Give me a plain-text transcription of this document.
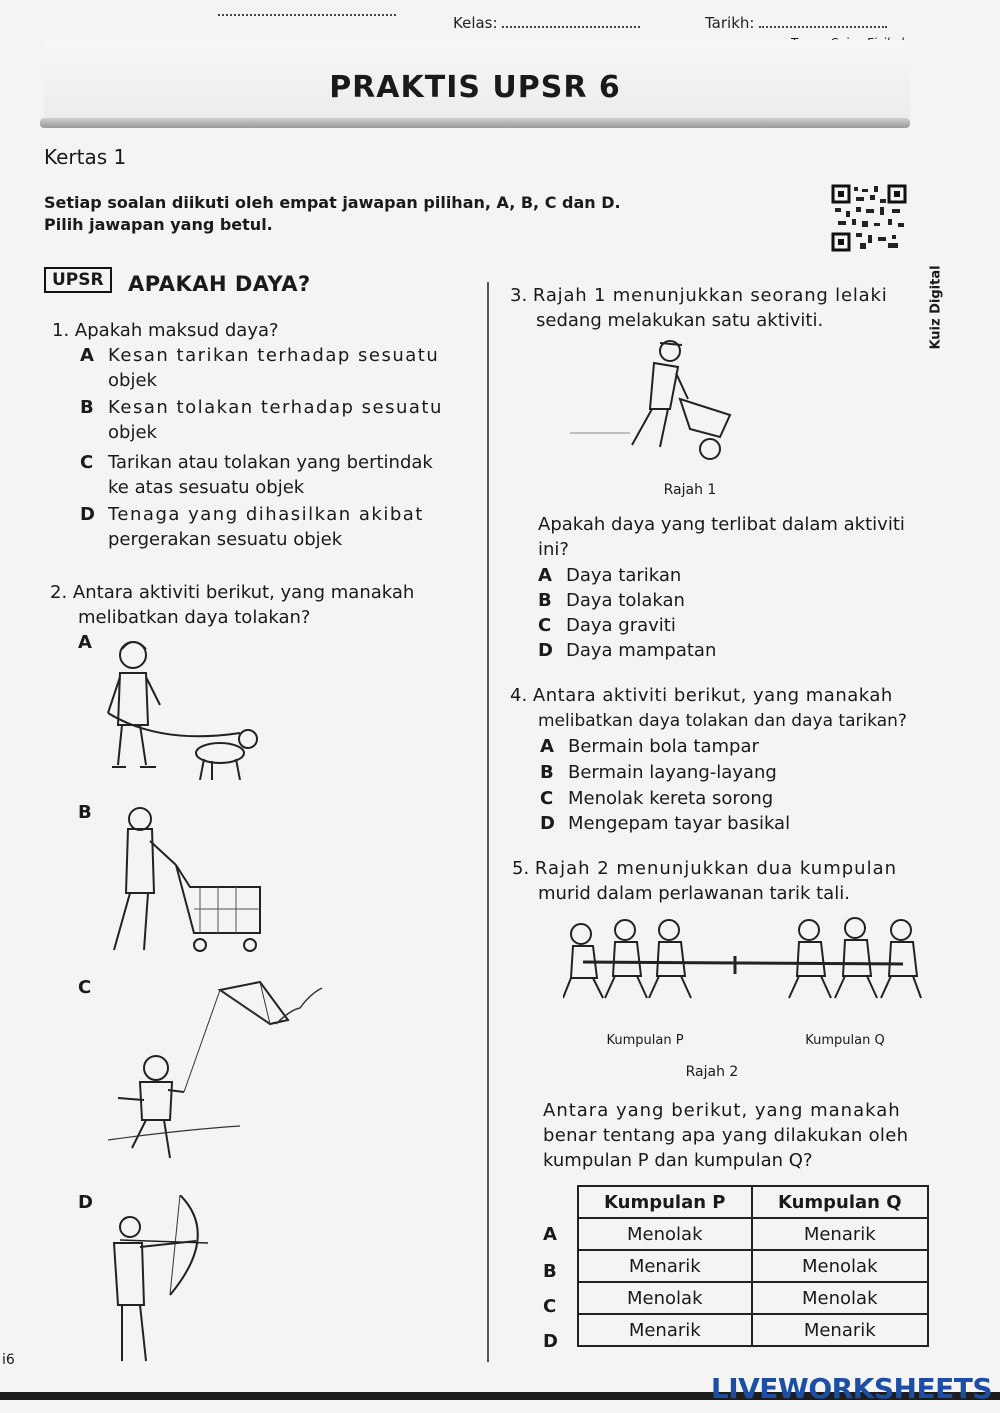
Kelas:	Tarikh:
PRAKTIS UPSR 6
Kertas 1
Setiap soalan diikuti oleh empat jawapan pilihan, A, B, C dan D.
Pilih jawapan yang betul.
Kuiz Digital
UPSR	APAKAH DAYA?
1. Apakah maksud daya?
A Kesan tarikan terhadap sesuatu
objek
B Kesan tolakan terhadap sesuatu
objek
C Tarikan atau tolakan yang bertindak
ke atas sesuatu objek
D Tenaga yang dihasilkan akibat
pergerakan sesuatu objek
2. Antara aktiviti berikut, yang manakah
melibatkan daya tolakan?
A
B
C
D
3. Rajah 1 menunjukkan seorang lelaki
sedang melakukan satu aktiviti.
Rajah 1
Apakah daya yang terlibat dalam aktiviti
ini?
A Daya tarikan
B Daya tolakan
C Daya graviti
D Daya mampatan
4. Antara aktiviti berikut, yang manakah
melibatkan daya tolakan dan daya tarikan?
A Bermain bola tampar
B Bermain layang-layang
C Menolak kereta sorong
D Mengepam tayar basikal
5. Rajah 2 menunjukkan dua kumpulan
murid dalam perlawanan tarik tali.
Kumpulan P	Kumpulan Q
Rajah 2
Antara yang berikut, yang manakah
benar tentang apa yang dilakukan oleh
kumpulan P dan kumpulan Q?
Kumpulan P	Kumpulan Q
Menolak	Menarik
Menarik	Menolak
Menolak	Menolak
Menarik	Menarik
A
B
C
D
i6
LIVEWORKSHEETS
